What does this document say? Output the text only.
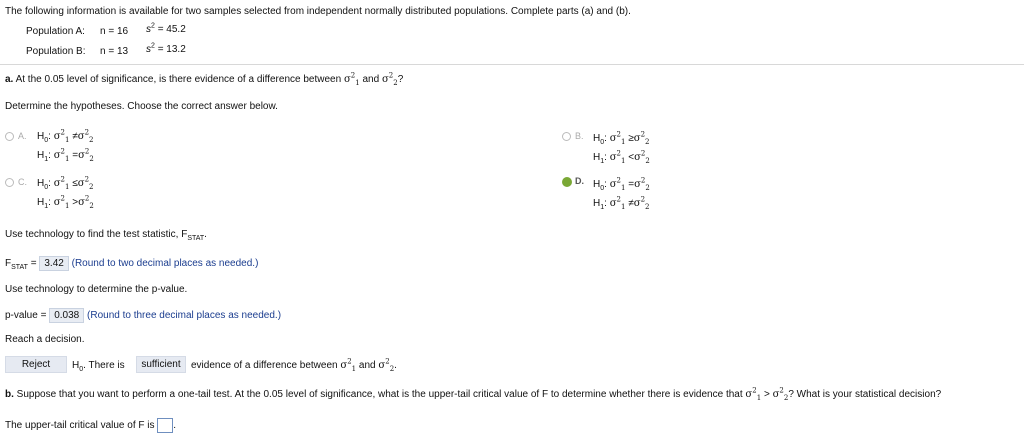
The following information is available for two samples selected from independent normally distributed populations. Complete parts (a) and (b).
Population A: n = 16 $s^2 = 45.2$
Population B: n = 13 $s^2 = 13.2$
a. At the 0.05 level of significance, is there evidence of a difference between $\sigma^2_1$ and $\sigma^2_2$?
Determine the hypotheses. Choose the correct answer below.
A. $H_0$: $\sigma^2_1 \ne\sigma^2_2$
$H_1$: $\sigma^2_1 =\sigma^2_2$
B. $H_0$: $\sigma^2_1 \ge\sigma^2_2$
$H_1$: $\sigma^2_1 <\sigma^2_2$
C. $H_0$: $\sigma^2_1 \le\sigma^2_2$
$H_1$: $\sigma^2_1 >\sigma^2_2$
D. $H_0$: $\sigma^2_1 =\sigma^2_2$
$H_1$: $\sigma^2_1 \ne\sigma^2_2$
Use technology to find the test statistic, $F_{STAT}$.
$F_{STAT} = 3.42$ (Round to two decimal places as needed.)
Use technology to determine the p-value.
p-value = 0.038 (Round to three decimal places as needed.)
Reach a decision.
Reject	$H_0$. There is	sufficient	evidence of a difference between $\sigma^2_1$ and $\sigma^2_2$.
b. Suppose that you want to perform a one-tail test. At the 0.05 level of significance, what is the upper-tail critical value of F to determine whether there is evidence that $\sigma^2_1 > \sigma^2_2$? What is your statistical decision?
The upper-tail critical value of F is .
